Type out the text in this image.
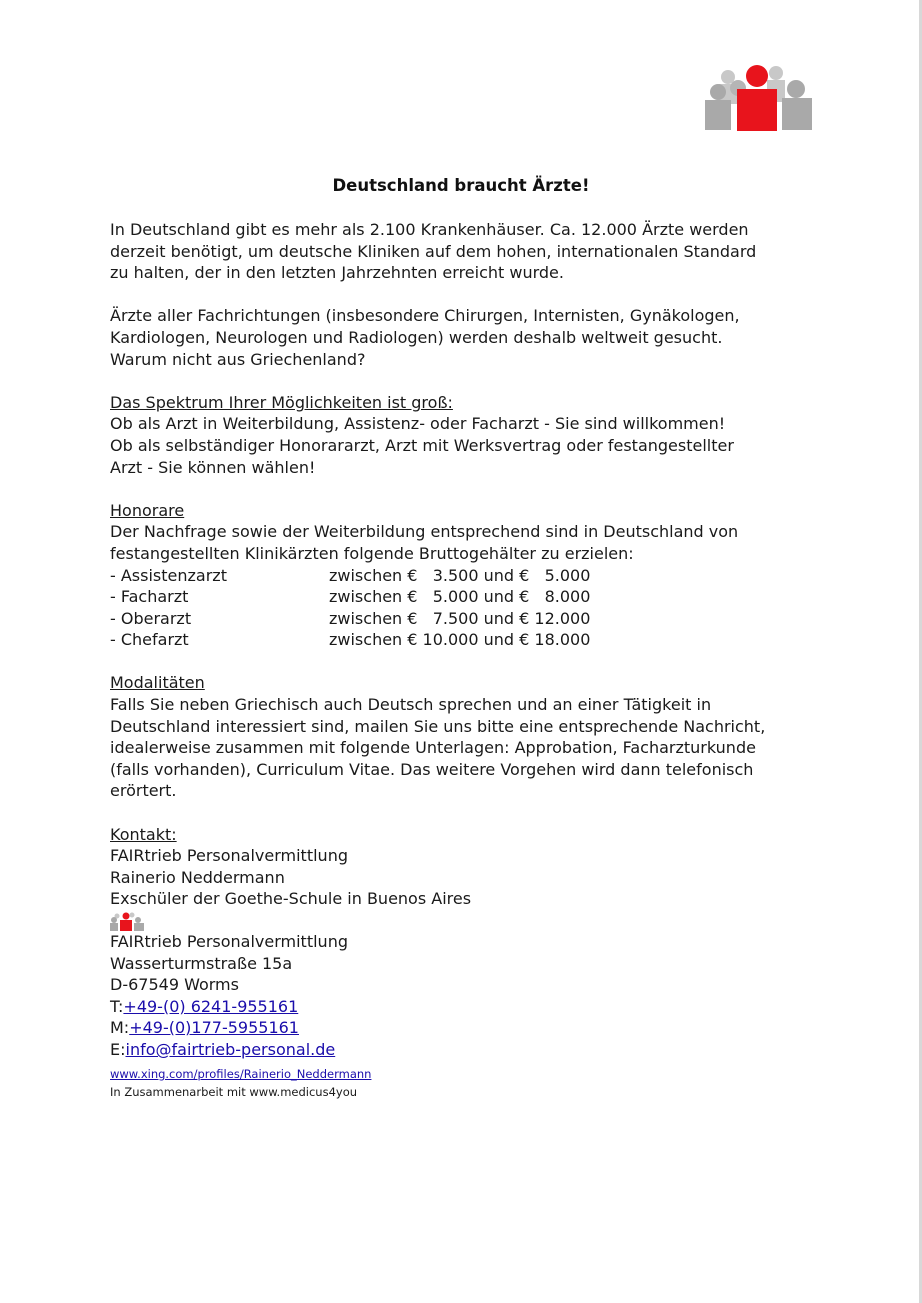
Deutschland braucht Ärzte!

In Deutschland gibt es mehr als 2.100 Krankenhäuser. Ca. 12.000 Ärzte werden

derzeit benötigt, um deutsche Kliniken auf dem hohen, internationalen Standard

zu halten, der in den letzten Jahrzehnten erreicht wurde.

Ärzte aller Fachrichtungen (insbesondere Chirurgen, Internisten, Gynäkologen,

Kardiologen, Neurologen und Radiologen) werden deshalb weltweit gesucht.

Warum nicht aus Griechenland?

Das Spektrum Ihrer Möglichkeiten ist groß:

Ob als Arzt in Weiterbildung, Assistenz- oder Facharzt - Sie sind willkommen!

Ob als selbständiger Honorararzt, Arzt mit Werksvertrag oder festangestellter

Arzt - Sie können wählen!

Honorare

Der Nachfrage sowie der Weiterbildung entsprechend sind in Deutschland von

festangestellten Klinikärzten folgende Bruttogehälter zu erzielen:

- Assistenzarzt	zwischen €   3.500 und €   5.000
- Facharzt	zwischen €   5.000 und €   8.000
- Oberarzt	zwischen €   7.500 und € 12.000
- Chefarzt	zwischen € 10.000 und € 18.000

Modalitäten

Falls Sie neben Griechisch auch Deutsch sprechen und an einer Tätigkeit in

Deutschland interessiert sind, mailen Sie uns bitte eine entsprechende Nachricht,

idealerweise zusammen mit folgende Unterlagen: Approbation, Facharzturkunde

(falls vorhanden), Curriculum Vitae. Das weitere Vorgehen wird dann telefonisch

erörtert.

Kontakt:

FAIRtrieb Personalvermittlung

Rainerio Neddermann

Exschüler der Goethe-Schule in Buenos Aires

FAIRtrieb Personalvermittlung

Wasserturmstraße 15a

D-67549 Worms

T:+49-(0) 6241-955161

M:+49-(0)177-5955161

E:info@fairtrieb-personal.de

www.xing.com/profiles/Rainerio_Neddermann
In Zusammenarbeit mit www.medicus4you
